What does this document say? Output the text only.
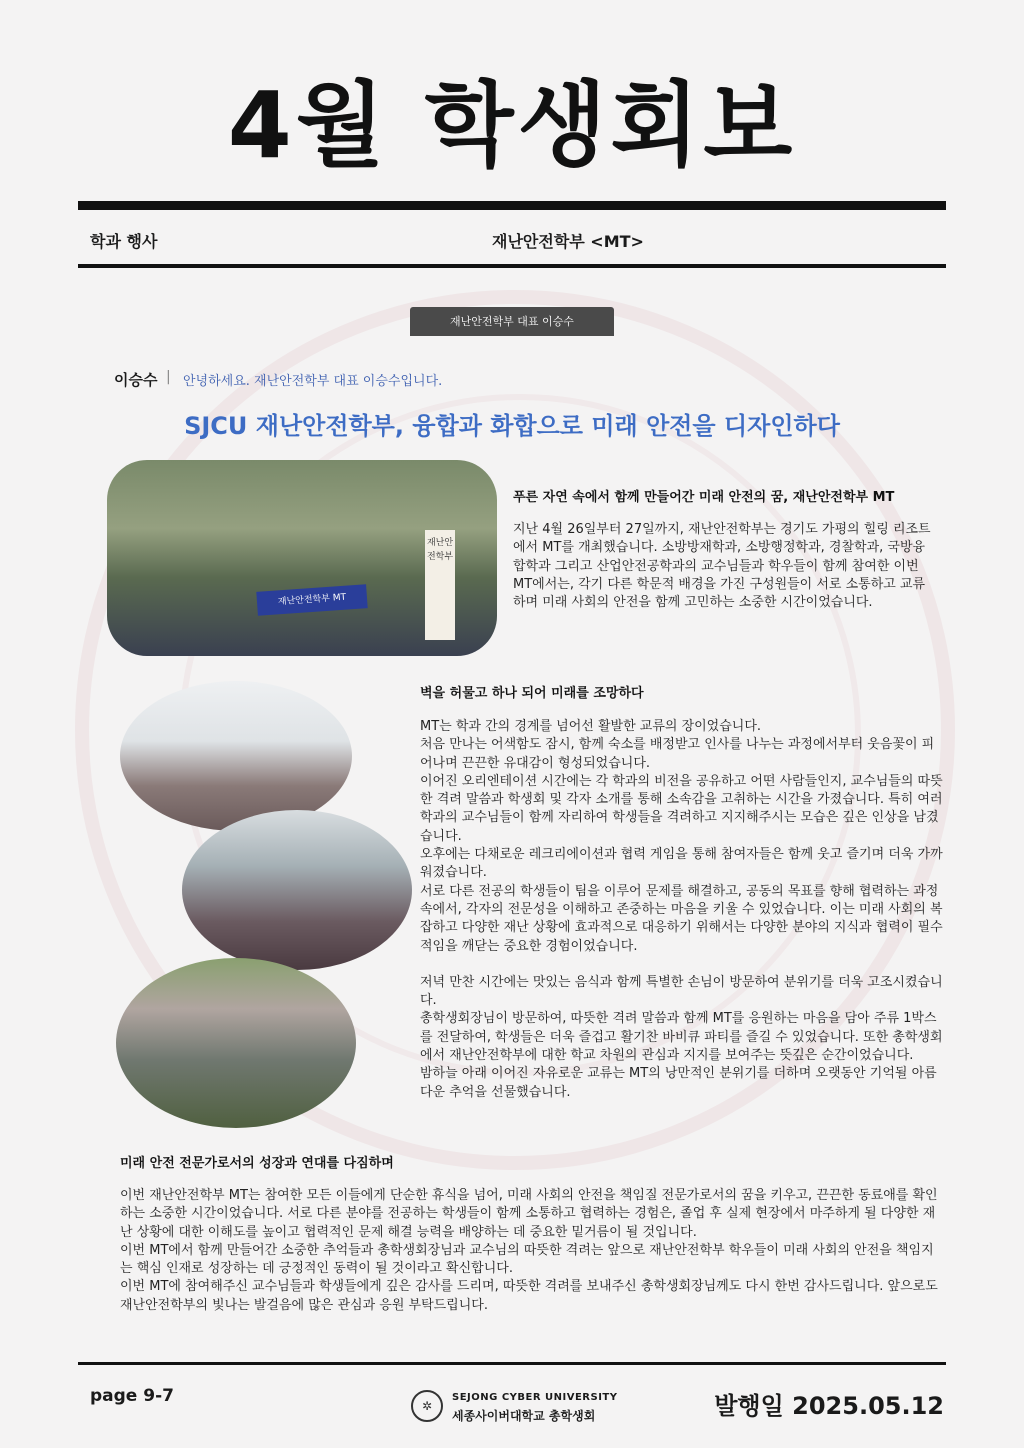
4월 학생회보
학과 행사	재난안전학부 <MT>
재난안전학부 대표 이승수
이승수 | 안녕하세요. 재난안전학부 대표 이승수입니다.
SJCU 재난안전학부, 융합과 화합으로 미래 안전을 디자인하다
재난안전학부 MT
재난안전학부
푸른 자연 속에서 함께 만들어간 미래 안전의 꿈, 재난안전학부 MT
지난 4월 26일부터 27일까지, 재난안전학부는 경기도 가평의 힐링 리조트에서 MT를 개최했습니다. 소방방재학과, 소방행정학과, 경찰학과, 국방융합학과 그리고 산업안전공학과의 교수님들과 학우들이 함께 참여한 이번 MT에서는, 각기 다른 학문적 배경을 가진 구성원들이 서로 소통하고 교류하며 미래 사회의 안전을 함께 고민하는 소중한 시간이었습니다.
벽을 허물고 하나 되어 미래를 조망하다

MT는 학과 간의 경계를 넘어선 활발한 교류의 장이었습니다.

처음 만나는 어색함도 잠시, 함께 숙소를 배정받고 인사를 나누는 과정에서부터 웃음꽃이 피어나며 끈끈한 유대감이 형성되었습니다.

이어진 오리엔테이션 시간에는 각 학과의 비전을 공유하고 어떤 사람들인지, 교수님들의 따뜻한 격려 말씀과 학생회 및 각자 소개를 통해 소속감을 고취하는 시간을 가졌습니다. 특히 여러 학과의 교수님들이 함께 자리하여 학생들을 격려하고 지지해주시는 모습은 깊은 인상을 남겼습니다.

오후에는 다채로운 레크리에이션과 협력 게임을 통해 참여자들은 함께 웃고 즐기며 더욱 가까워졌습니다.

서로 다른 전공의 학생들이 팀을 이루어 문제를 해결하고, 공동의 목표를 향해 협력하는 과정 속에서, 각자의 전문성을 이해하고 존중하는 마음을 키울 수 있었습니다. 이는 미래 사회의 복잡하고 다양한 재난 상황에 효과적으로 대응하기 위해서는 다양한 분야의 지식과 협력이 필수적임을 깨닫는 중요한 경험이었습니다.

저녁 만찬 시간에는 맛있는 음식과 함께 특별한 손님이 방문하여 분위기를 더욱 고조시켰습니다.

총학생회장님이 방문하여, 따뜻한 격려 말씀과 함께 MT를 응원하는 마음을 담아 주류 1박스를 전달하여, 학생들은 더욱 즐겁고 활기찬 바비큐 파티를 즐길 수 있었습니다. 또한 총학생회에서 재난안전학부에 대한 학교 차원의 관심과 지지를 보여주는 뜻깊은 순간이었습니다.

밤하늘 아래 이어진 자유로운 교류는 MT의 낭만적인 분위기를 더하며 오랫동안 기억될 아름다운 추억을 선물했습니다.

미래 안전 전문가로서의 성장과 연대를 다짐하며

이번 재난안전학부 MT는 참여한 모든 이들에게 단순한 휴식을 넘어, 미래 사회의 안전을 책임질 전문가로서의 꿈을 키우고, 끈끈한 동료애를 확인하는 소중한 시간이었습니다. 서로 다른 분야를 전공하는 학생들이 함께 소통하고 협력하는 경험은, 졸업 후 실제 현장에서 마주하게 될 다양한 재난 상황에 대한 이해도를 높이고 협력적인 문제 해결 능력을 배양하는 데 중요한 밑거름이 될 것입니다.

이번 MT에서 함께 만들어간 소중한 추억들과 총학생회장님과 교수님의 따뜻한 격려는 앞으로 재난안전학부 학우들이 미래 사회의 안전을 책임지는 핵심 인재로 성장하는 데 긍정적인 동력이 될 것이라고 확신합니다.

이번 MT에 참여해주신 교수님들과 학생들에게 깊은 감사를 드리며, 따뜻한 격려를 보내주신 총학생회장님께도 다시 한번 감사드립니다. 앞으로도 재난안전학부의 빛나는 발걸음에 많은 관심과 응원 부탁드립니다.

page 9-7	✲
SEJONG CYBER UNIVERSITY
세종사이버대학교 총학생회	발행일 2025.05.12
